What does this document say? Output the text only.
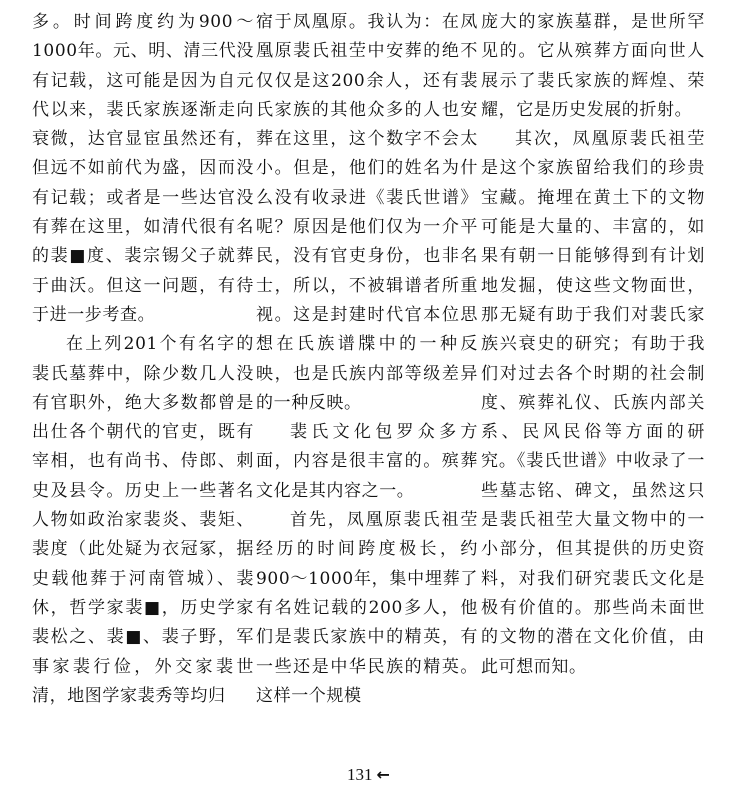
多。时间跨度约为900～1000年。元、明、清三代没有记载，这可能是因为自元代以来，裴氏家族逐渐走向衰微，达官显宦虽然还有，但远不如前代为盛，因而没有记载；或者是一些达官没有葬在这里，如清代很有名的裴■度、裴宗锡父子就葬于曲沃。但这一问题，有待于进一步考查。

在上列201个有名字的裴氏墓葬中，除少数几人没有官职外，绝大多数都曾是出仕各个朝代的官吏，既有宰相，也有尚书、侍郎、刺史及县令。历史上一些著名人物如政治家裴炎、裴矩、裴度（此处疑为衣冠冢，据史载他葬于河南管城）、裴休，哲学家裴■，历史学家裴松之、裴■、裴子野，军事家裴行俭，外交家裴世清，地图学家裴秀等均归

宿于凤凰原。我认为：在凤凰原裴氏祖茔中安葬的绝不仅仅是这200余人，还有裴氏家族的其他众多的人也安葬在这里，这个数字不会太小。但是，他们的姓名为什么没有收录进《裴氏世谱》呢？原因是他们仅为一介平民，没有官吏身份，也非名士，所以，不被辑谱者所重视。这是封建时代官本位思想在氏族谱牒中的一种反映，也是氏族内部等级差异的一种反映。

裴氏文化包罗众多方面，内容是很丰富的。殡葬文化是其内容之一。

首先，凤凰原裴氏祖茔经历的时间跨度极长，约900～1000年，集中埋葬了有名姓记载的200多人，他们是裴氏家族中的精英，有一些还是中华民族的精英。这样一个规模

庞大的家族墓群，是世所罕见的。它从殡葬方面向世人展示了裴氏家族的辉煌、荣耀，它是历史发展的折射。

其次，凤凰原裴氏祖茔是这个家族留给我们的珍贵宝藏。掩埋在黄土下的文物可能是大量的、丰富的，如果有朝一日能够得到有计划地发掘，使这些文物面世，那无疑有助于我们对裴氏家族兴衰史的研究；有助于我们对过去各个时期的社会制度、殡葬礼仪、氏族内部关系、民风民俗等方面的研究。《裴氏世谱》中收录了一些墓志铭、碑文，虽然这只是裴氏祖茔大量文物中的一小部分，但其提供的历史资料，对我们研究裴氏文化是极有价值的。那些尚未面世的文物的潜在文化价值，由此可想而知。

131 ←
